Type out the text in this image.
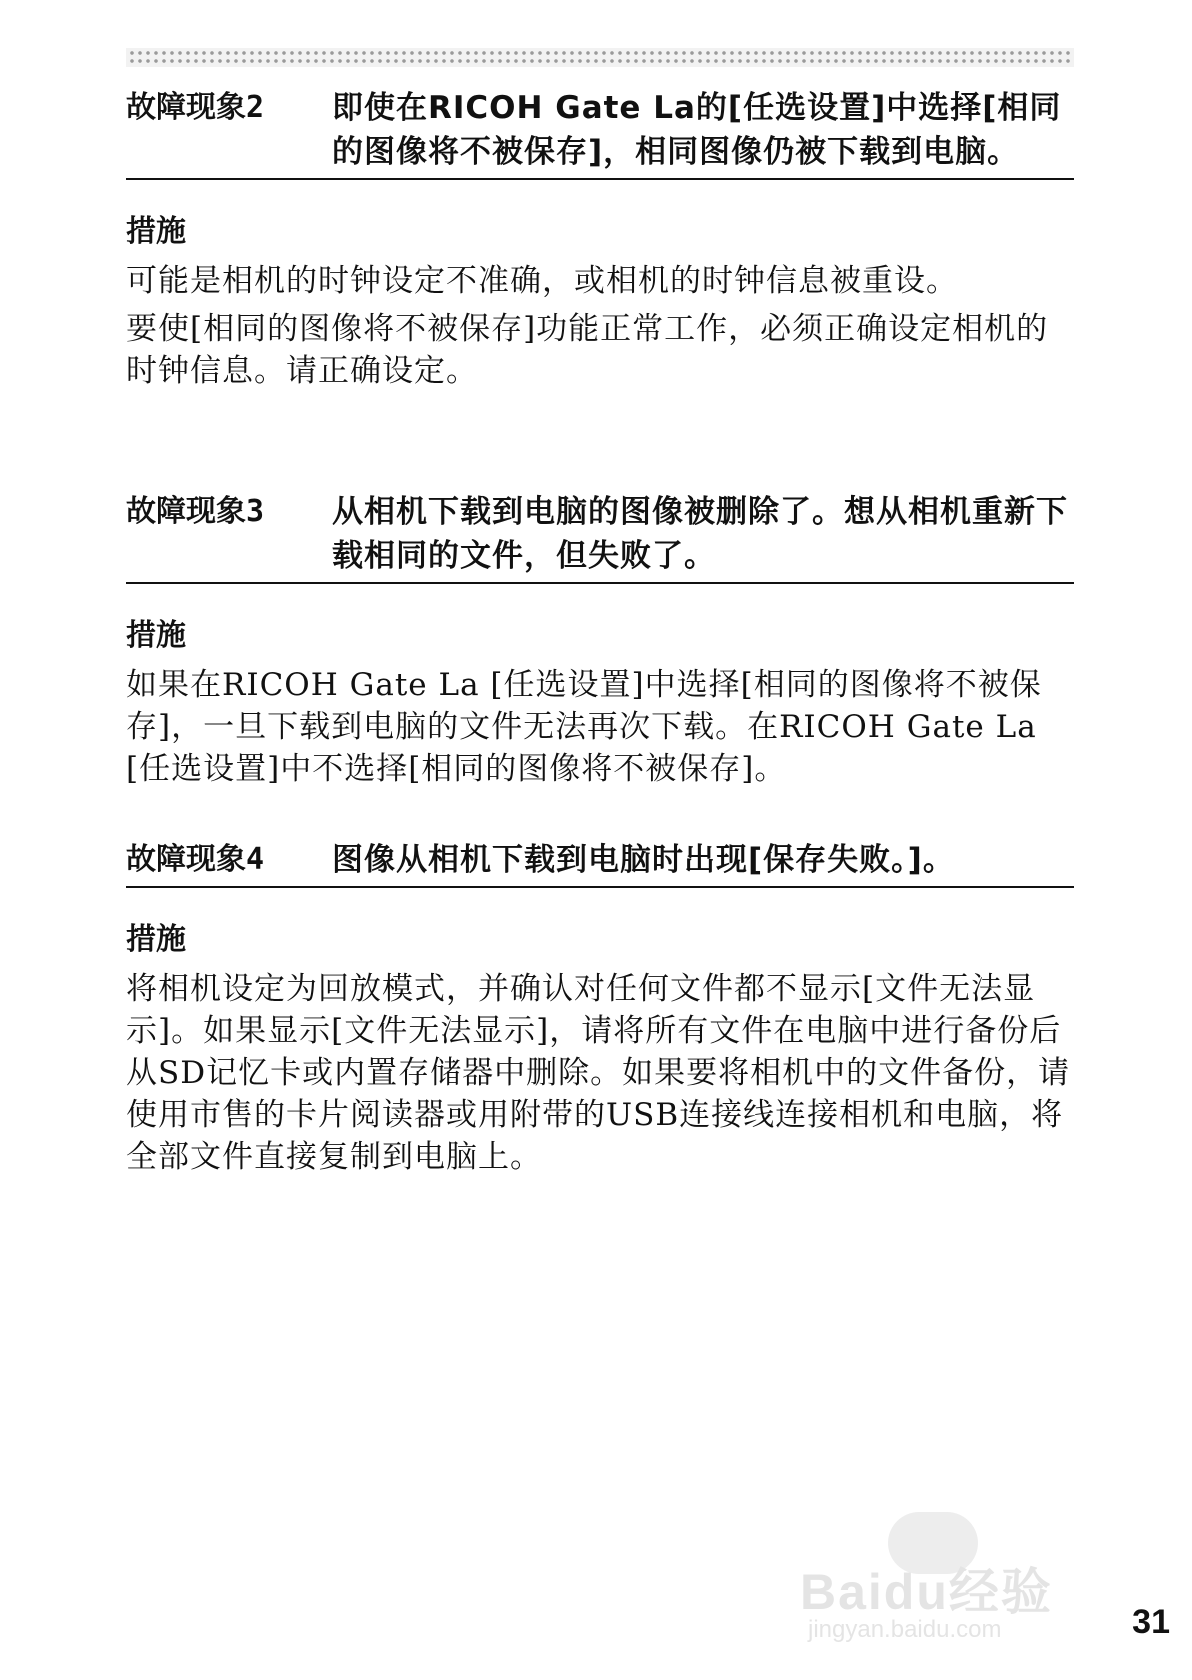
故障现象2	即使在RICOH Gate La的[任选设置]中选择[相同的图像将不被保存]，相同图像仍被下载到电脑。
措施

可能是相机的时钟设定不准确，或相机的时钟信息被重设。

要使[相同的图像将不被保存]功能正常工作，必须正确设定相机的时钟信息。请正确设定。

故障现象3	从相机下载到电脑的图像被删除了。想从相机重新下载相同的文件，但失败了。
措施

如果在RICOH Gate La [任选设置]中选择[相同的图像将不被保存]，一旦下载到电脑的文件无法再次下载。在RICOH Gate La [任选设置]中不选择[相同的图像将不被保存]。

故障现象4	图像从相机下载到电脑时出现[保存失败。]。
措施

将相机设定为回放模式，并确认对任何文件都不显示[文件无法显示]。如果显示[文件无法显示]，请将所有文件在电脑中进行备份后从SD记忆卡或内置存储器中删除。如果要将相机中的文件备份，请使用市售的卡片阅读器或用附带的USB连接线连接相机和电脑，将全部文件直接复制到电脑上。

Baidu经验
jingyan.baidu.com	31
